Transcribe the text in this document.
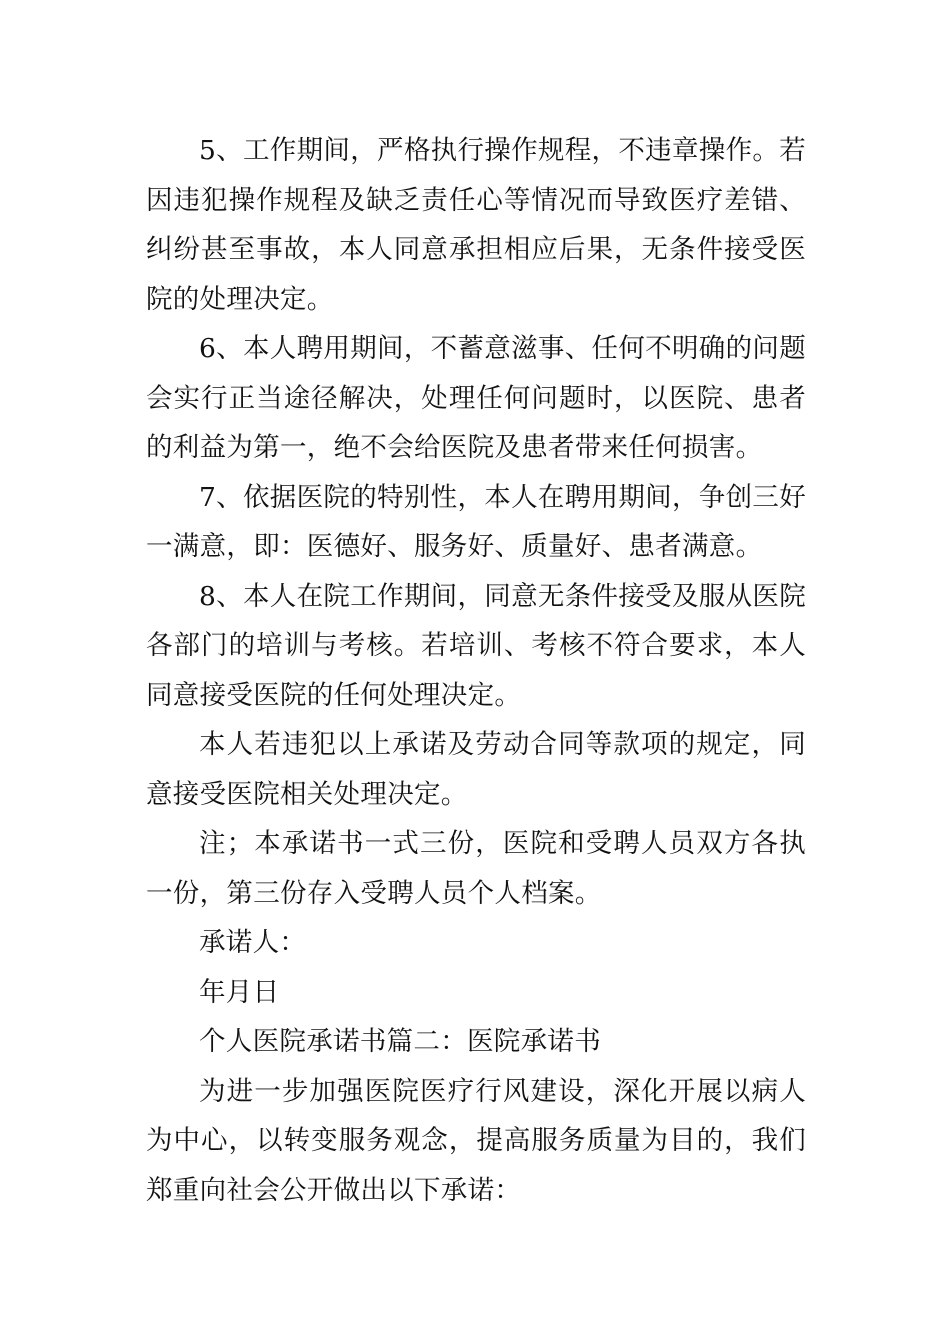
5、工作期间，严格执行操作规程，不违章操作。若因违犯操作规程及缺乏责任心等情况而导致医疗差错、纠纷甚至事故，本人同意承担相应后果，无条件接受医院的处理决定。

6、本人聘用期间，不蓄意滋事、任何不明确的问题会实行正当途径解决，处理任何问题时，以医院、患者的利益为第一，绝不会给医院及患者带来任何损害。

7、依据医院的特别性，本人在聘用期间，争创三好一满意，即：医德好、服务好、质量好、患者满意。

8、本人在院工作期间，同意无条件接受及服从医院各部门的培训与考核。若培训、考核不符合要求，本人同意接受医院的任何处理决定。

本人若违犯以上承诺及劳动合同等款项的规定，同意接受医院相关处理决定。

注；本承诺书一式三份，医院和受聘人员双方各执一份，第三份存入受聘人员个人档案。

承诺人：

年月日

个人医院承诺书篇二：医院承诺书

为进一步加强医院医疗行风建设，深化开展以病人为中心，以转变服务观念，提高服务质量为目的，我们郑重向社会公开做出以下承诺：
